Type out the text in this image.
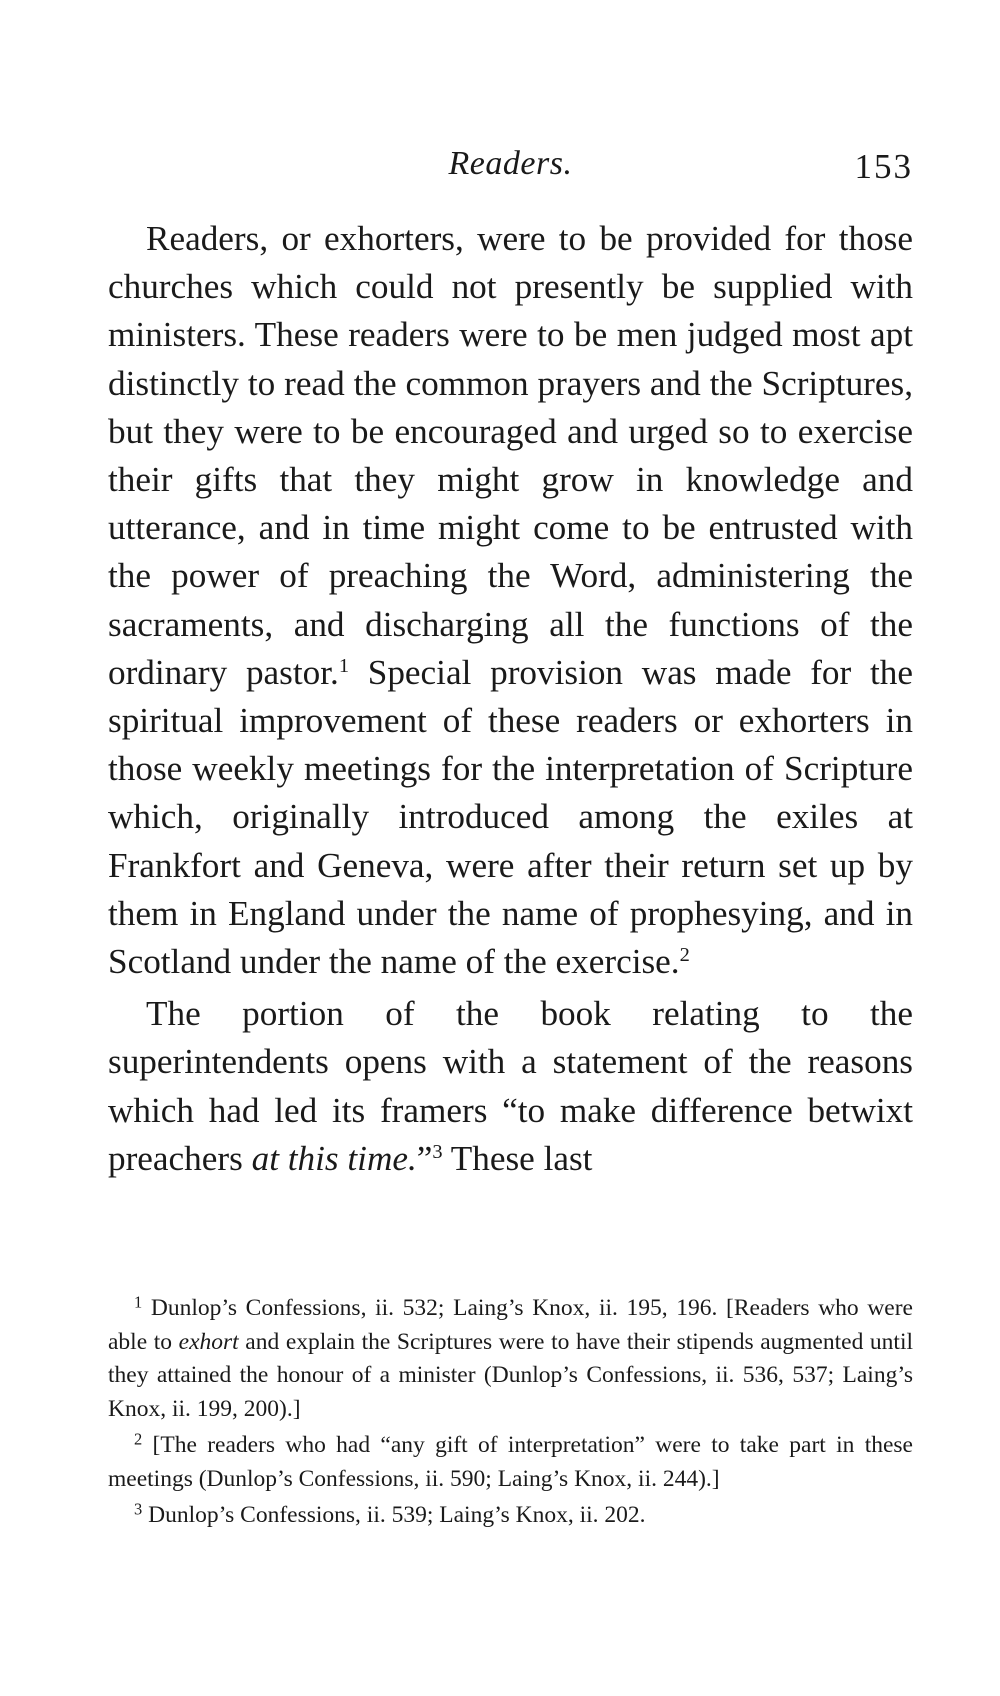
Readers.	153

Readers, or exhorters, were to be provided for those churches which could not presently be supplied with ministers. These readers were to be men judged most apt distinctly to read the common prayers and the Scriptures, but they were to be encouraged and urged so to exercise their gifts that they might grow in knowledge and utterance, and in time might come to be entrusted with the power of preaching the Word, administering the sacraments, and discharging all the functions of the ordinary pastor.$^1$ Special provision was made for the spiritual improvement of these readers or exhorters in those weekly meetings for the interpretation of Scripture which, originally introduced among the exiles at Frankfort and Geneva, were after their return set up by them in England under the name of prophesying, and in Scotland under the name of the exercise.$^2$

The portion of the book relating to the superintendents opens with a statement of the reasons which had led its framers “to make difference betwixt preachers at this time.”$^3$ These last

$^1$ Dunlop’s Confessions, ii. 532; Laing’s Knox, ii. 195, 196. [Readers who were able to exhort and explain the Scriptures were to have their stipends augmented until they attained the honour of a minister (Dunlop’s Confessions, ii. 536, 537; Laing’s Knox, ii. 199, 200).]

$^2$ [The readers who had “any gift of interpretation” were to take part in these meetings (Dunlop’s Confessions, ii. 590; Laing’s Knox, ii. 244).]

$^3$ Dunlop’s Confessions, ii. 539; Laing’s Knox, ii. 202.
